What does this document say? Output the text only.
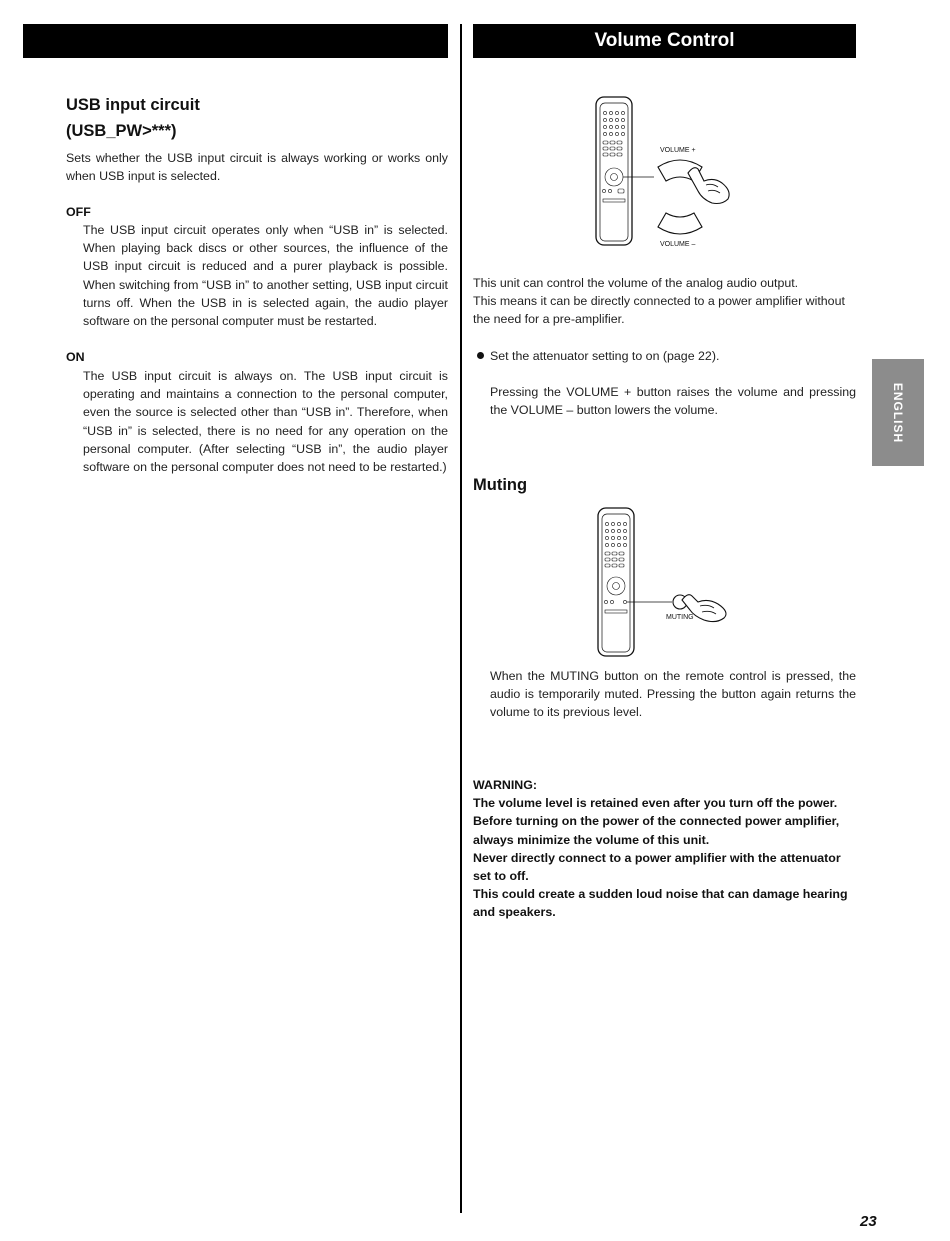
Volume Control
USB input circuit
(USB_PW>***)
Sets whether the USB input circuit is always working or works only when USB input is selected.
OFF
The USB input circuit operates only when “USB in” is selected. When playing back discs or other sources, the influence of the USB input circuit is reduced and a purer playback is possible. When switching from “USB in” to another setting, USB input circuit turns off. When the USB in is selected again, the audio player software on the personal computer must be restarted.
ON
The USB input circuit is always on. The USB input circuit is operating and maintains a connection to the personal computer, even the source is selected other than “USB in”. Therefore, when “USB in” is selected, there is no need for any operation on the personal computer. (After selecting “USB in”, the audio player software on the personal computer does not need to be restarted.)
VOLUME +
VOLUME –
This unit can control the volume of the analog audio output.
This means it can be directly connected to a power amplifier without the need for a pre-amplifier.
Set the attenuator setting to on (page 22).
Pressing the VOLUME + button raises the volume and pressing the VOLUME – button lowers the volume.
Muting
MUTING
When the MUTING button on the remote control is pressed, the audio is temporarily muted. Pressing the button again returns the volume to its previous level.
WARNING:
The volume level is retained even after you turn off the power.
Before turning on the power of the connected power amplifier, always minimize the volume of this unit.
Never directly connect to a power amplifier with the attenuator set to off.
This could create a sudden loud noise that can damage hearing and speakers.
ENGLISH
23
